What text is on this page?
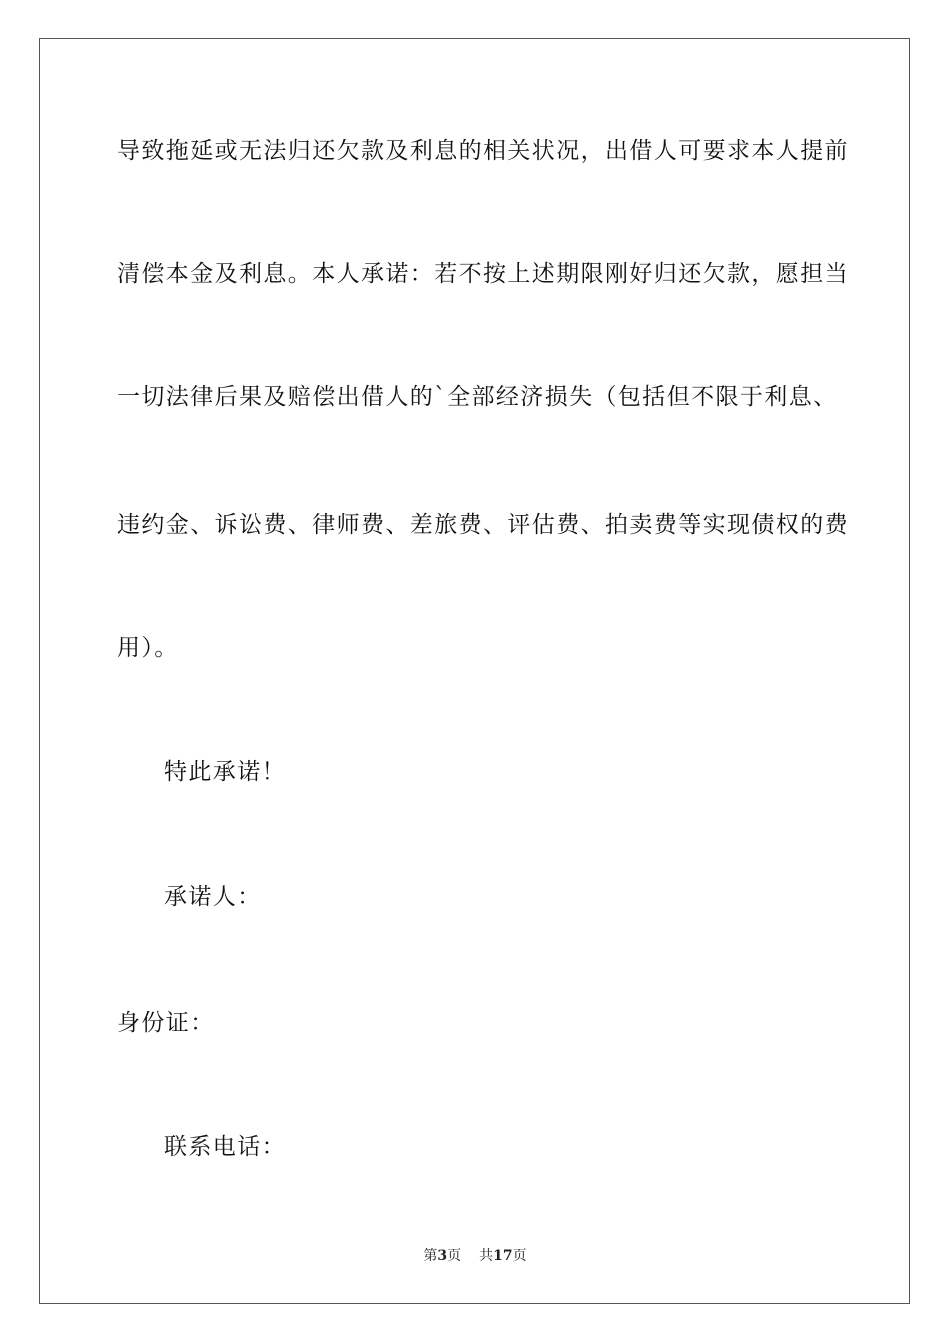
导致拖延或无法归还欠款及利息的相关状况，出借人可要求本人提前
清偿本金及利息。本人承诺：若不按上述期限刚好归还欠款，愿担当
一切法律后果及赔偿出借人的`全部经济损失（包括但不限于利息、
违约金、诉讼费、律师费、差旅费、评估费、拍卖费等实现债权的费
用）。
特此承诺！
承诺人：
身份证：
联系电话：
第3页 共17页
